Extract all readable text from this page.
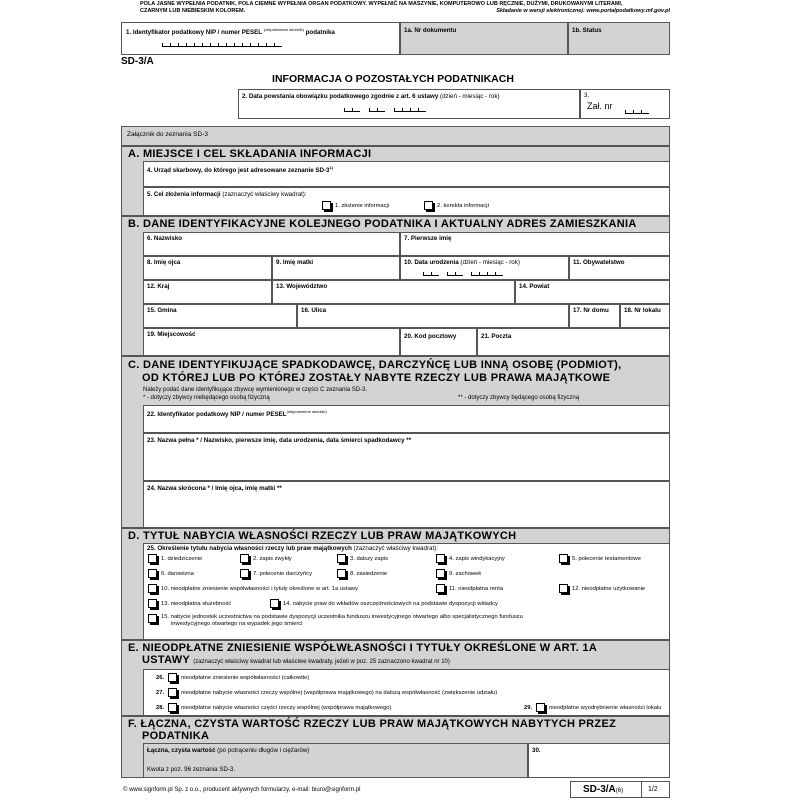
POLA JASNE WYPEŁNIA PODATNIK, POLA CIEMNE WYPEŁNIA ORGAN PODATKOWY. WYPEŁNIĆ NA MASZYNIE, KOMPUTEROWO LUB RĘCZNIE, DUŻYMI, DRUKOWANYMI LITERAMI,
CZARNYM LUB NIEBIESKIM KOLOREM.	Składanie w wersji elektronicznej: www.portalpodatkowy.mf.gov.pl
1. Identyfikator podatkowy NIP / numer PESEL $^{(niepotrzebne skreślić)}$ podatnika	1a. Nr dokumentu	1b. Status
SD-3/A
INFORMACJA O POZOSTAŁYCH PODATNIKACH
2. Data powstania obowiązku podatkowego zgodnie z art. 6 ustawy (dzień - miesiąc - rok)	3.
Zał. nr
Załącznik do zeznania SD-3
A. MIEJSCE I CEL SKŁADANIA INFORMACJI
4. Urząd skarbowy, do którego jest adresowane zeznanie SD-3$^{1)}$
5. Cel złożenia informacji (zaznaczyć właściwy kwadrat):
1. złożenie informacji	2. korekta informacji
B. DANE IDENTYFIKACYJNE KOLEJNEGO PODATNIKA I AKTUALNY ADRES ZAMIESZKANIA
6. Nazwisko	7. Pierwsze imię
8. Imię ojca	9. Imię matki	10. Data urodzenia (dzień - miesiąc - rok)	11. Obywatelstwo
12. Kraj	13. Województwo	14. Powiat
15. Gmina	16. Ulica	17. Nr domu 18. Nr lokalu
19. Miejscowość	20. Kod pocztowy	21. Poczta
C. DANE IDENTYFIKUJĄCE SPADKODAWCĘ, DARCZYŃCĘ LUB INNĄ OSOBĘ (PODMIOT),
OD KTÓREJ LUB PO KTÓREJ ZOSTAŁY NABYTE RZECZY LUB PRAWA MAJĄTKOWE
Należy podać dane identyfikujące zbywcę wymienionego w części C zeznania SD-3.
* - dotyczy zbywcy niebędącego osobą fizyczną	** - dotyczy zbywcy będącego osobą fizyczną
22. Identyfikator podatkowy NIP / numer $PESEL^{(niepotrzebne skreślić)}$
23. Nazwa pełna * / Nazwisko, pierwsze imię, data urodzenia, data śmierci spadkodawcy **
24. Nazwa skrócona * / Imię ojca, imię matki **
D. TYTUŁ NABYCIA WŁASNOŚCI RZECZY LUB PRAW MAJĄTKOWYCH
25. Określenie tytułu nabycia własności rzeczy lub praw majątkowych (zaznaczyć właściwy kwadrat):
1. dziedziczenie	2. zapis zwykły	3. dalszy zapis	4. zapis windykacyjny	5. polecenie testamentowe
6. darowizna	7. polecenie darczyńcy	8. zasiedzenie	9. zachowek
10. nieodpłatne zniesienie współwłasności i tytuły określone w art. 1a ustawy	11. nieodpłatna renta	12. nieodpłatne użytkowanie
13. nieodpłatna służebność	14. nabycie praw do wkładów oszczędnościowych na podstawie dyspozycji wkładcy
15. nabycie jednostek uczestnictwa na podstawie dyspozycji uczestnika funduszu inwestycyjnego otwartego albo specjalistycznego funduszu
inwestycyjnego otwartego na wypadek jego śmierci
E. NIEODPŁATNE ZNIESIENIE WSPÓŁWŁASNOŚCI I TYTUŁY OKREŚLONE W ART. 1A
USTAWY (zaznaczyć właściwy kwadrat lub właściwe kwadraty, jeżeli w poz. 25 zaznaczono kwadrat nr 10)
26.	nieodpłatne zniesienie współwłasności (całkowite)
27.	nieodpłatne nabycie własności rzeczy wspólnej (współprawa majątkowego) na dalszą współwłasność (zwiększenie udziału)
28.	nieodpłatne nabycie własności części rzeczy wspólnej (współprawa majątkowego)	29.	nieodpłatne wyodrębnienie własności lokalu
F. ŁĄCZNA, CZYSTA WARTOŚĆ RZECZY LUB PRAW MAJĄTKOWYCH NABYTYCH PRZEZ
PODATNIKA
Łączna, czysta wartość (po potrąceniu długów i ciężarów)
Kwota z poz. 96 zeznania SD-3.
30.
© www.signform.pl Sp. z o.o., producent aktywnych formularzy, e-mail: biuro@signform.pl	SD-3/A(6)	1/2
